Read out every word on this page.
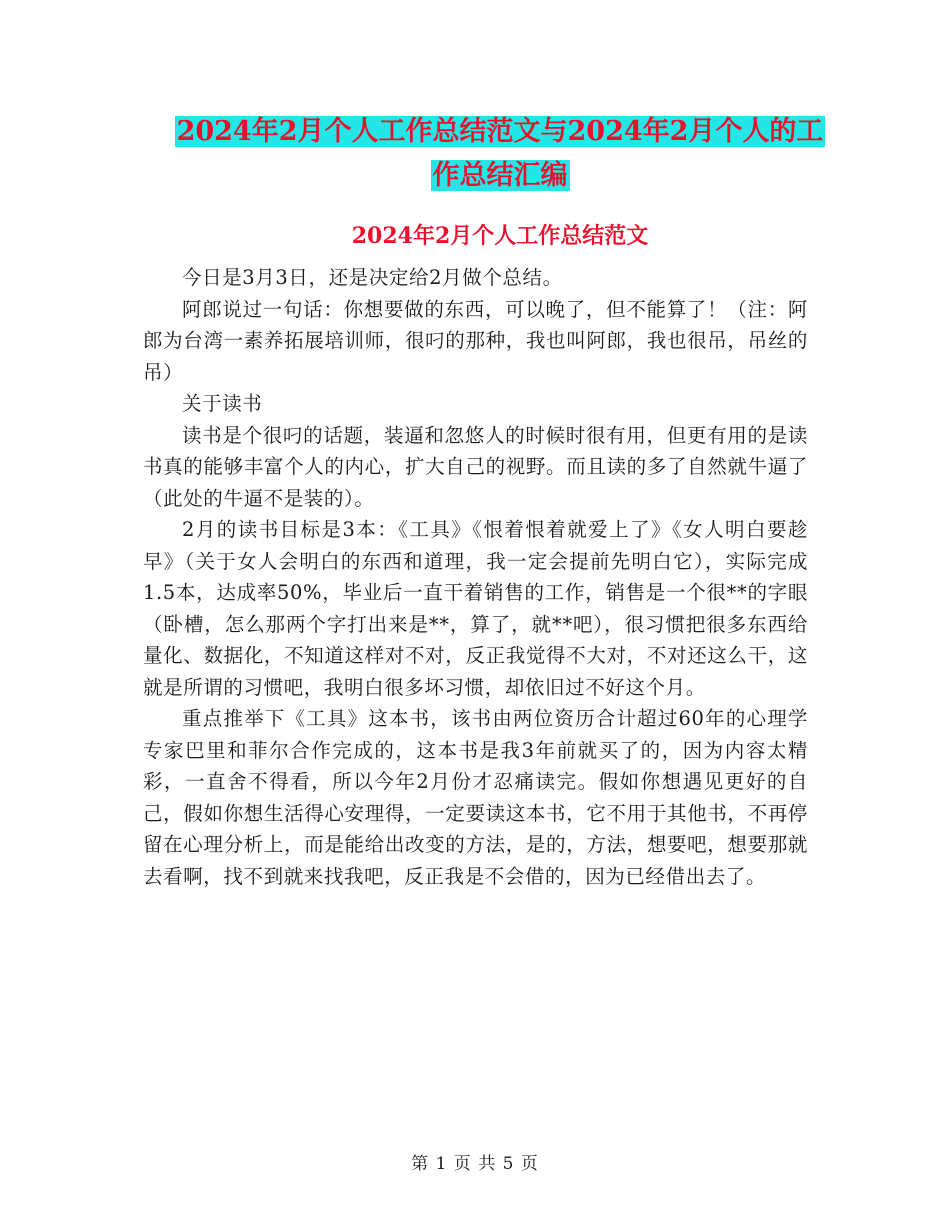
2024年2月个人工作总结范文与2024年2月个人的工
作总结汇编
2024年2月个人工作总结范文

今日是3月3日，还是决定给2月做个总结。

阿郎说过一句话：你想要做的东西，可以晚了，但不能算了！（注：阿郎为台湾一素养拓展培训师，很叼的那种，我也叫阿郎，我也很吊，吊丝的吊）

关于读书

读书是个很叼的话题，装逼和忽悠人的时候时很有用，但更有用的是读书真的能够丰富个人的内心，扩大自己的视野。而且读的多了自然就牛逼了（此处的牛逼不是装的）。

2月的读书目标是3本：《工具》《恨着恨着就爱上了》《女人明白要趁早》（关于女人会明白的东西和道理，我一定会提前先明白它），实际完成1.5本，达成率50%，毕业后一直干着销售的工作，销售是一个很**的字眼（卧槽，怎么那两个字打出来是**，算了，就**吧），很习惯把很多东西给量化、数据化，不知道这样对不对，反正我觉得不大对，不对还这么干，这就是所谓的习惯吧，我明白很多坏习惯，却依旧过不好这个月。

重点推举下《工具》这本书，该书由两位资历合计超过60年的心理学专家巴里和菲尔合作完成的，这本书是我3年前就买了的，因为内容太精彩，一直舍不得看，所以今年2月份才忍痛读完。假如你想遇见更好的自己，假如你想生活得心安理得，一定要读这本书，它不用于其他书，不再停留在心理分析上，而是能给出改变的方法，是的，方法，想要吧，想要那就去看啊，找不到就来找我吧，反正我是不会借的，因为已经借出去了。

第 1 页 共 5 页
